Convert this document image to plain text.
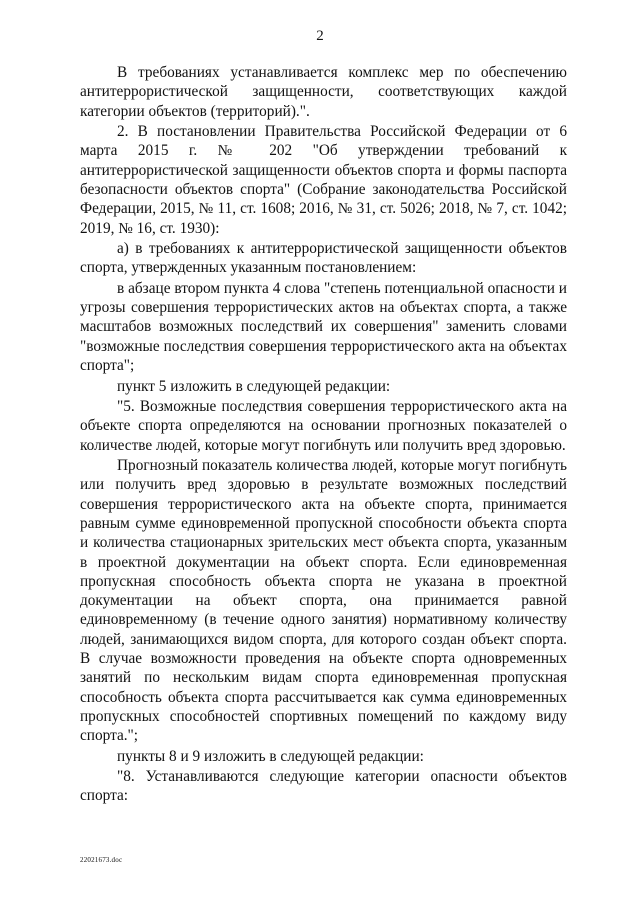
2

В требованиях устанавливается комплекс мер по обеспечению антитеррористической защищенности, соответствующих каждой категории объектов (территорий).".

2. В постановлении Правительства Российской Федерации от 6 марта 2015 г. № 202 "Об утверждении требований к антитеррористической защищенности объектов спорта и формы паспорта безопасности объектов спорта" (Собрание законодательства Российской Федерации, 2015, № 11, ст. 1608; 2016, № 31, ст. 5026; 2018, № 7, ст. 1042; 2019, № 16, ст. 1930):

а) в требованиях к антитеррористической защищенности объектов спорта, утвержденных указанным постановлением:

в абзаце втором пункта 4 слова "степень потенциальной опасности и угрозы совершения террористических актов на объектах спорта, а также масштабов возможных последствий их совершения" заменить словами "возможные последствия совершения террористического акта на объектах спорта";

пункт 5 изложить в следующей редакции:

"5. Возможные последствия совершения террористического акта на объекте спорта определяются на основании прогнозных показателей о количестве людей, которые могут погибнуть или получить вред здоровью.

Прогнозный показатель количества людей, которые могут погибнуть или получить вред здоровью в результате возможных последствий совершения террористического акта на объекте спорта, принимается равным сумме единовременной пропускной способности объекта спорта и количества стационарных зрительских мест объекта спорта, указанным в проектной документации на объект спорта. Если единовременная пропускная способность объекта спорта не указана в проектной документации на объект спорта, она принимается равной единовременному (в течение одного занятия) нормативному количеству людей, занимающихся видом спорта, для которого создан объект спорта. В случае возможности проведения на объекте спорта одновременных занятий по нескольким видам спорта единовременная пропускная способность объекта спорта рассчитывается как сумма единовременных пропускных способностей спортивных помещений по каждому виду спорта.";

пункты 8 и 9 изложить в следующей редакции:

"8. Устанавливаются следующие категории опасности объектов спорта:

22021673.doc
